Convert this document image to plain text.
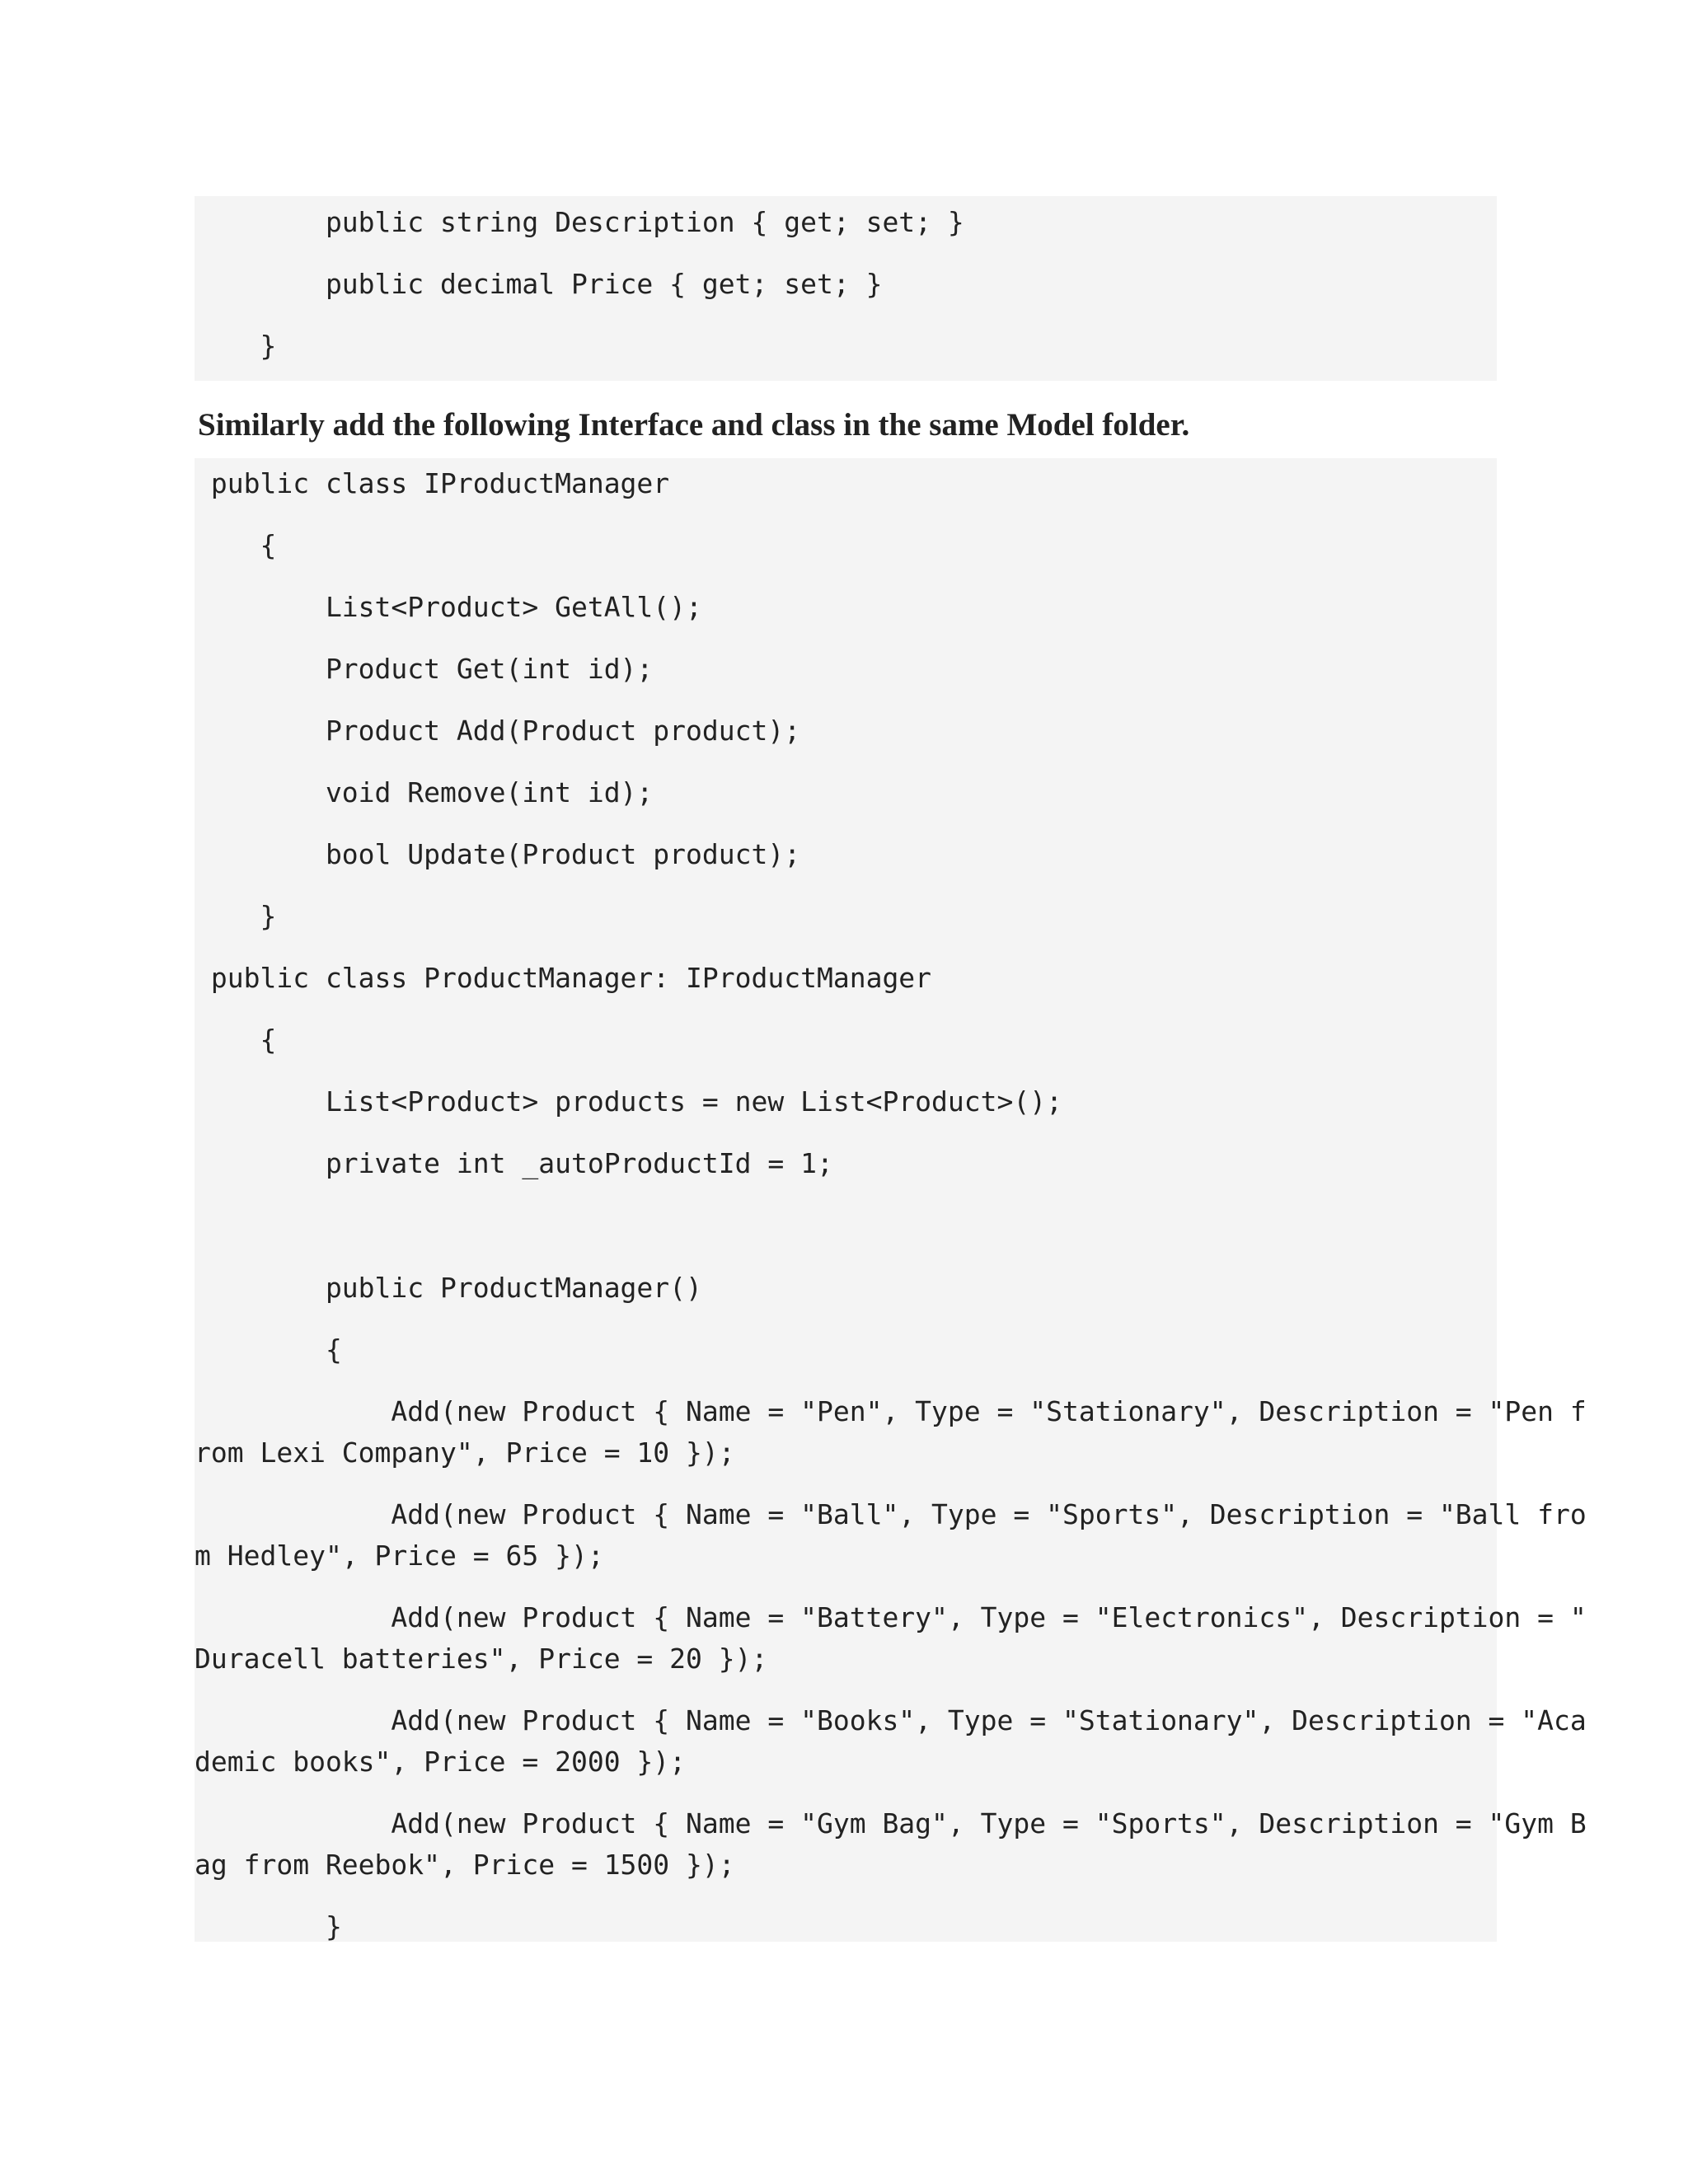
public string Description { get; set; }
public decimal Price { get; set; }
}
Similarly add the following Interface and class in the same Model folder.
public class IProductManager
{
List<Product> GetAll();
Product Get(int id);
Product Add(Product product);
void Remove(int id);
bool Update(Product product);
}
public class ProductManager: IProductManager
{
List<Product> products = new List<Product>();
private int _autoProductId = 1;
public ProductManager()
{
Add(new Product { Name = "Pen", Type = "Stationary", Description = "Pen f
rom Lexi Company", Price = 10 });
Add(new Product { Name = "Ball", Type = "Sports", Description = "Ball fro
m Hedley", Price = 65 });
Add(new Product { Name = "Battery", Type = "Electronics", Description = "
Duracell batteries", Price = 20 });
Add(new Product { Name = "Books", Type = "Stationary", Description = "Aca
demic books", Price = 2000 });
Add(new Product { Name = "Gym Bag", Type = "Sports", Description = "Gym B
ag from Reebok", Price = 1500 });
}
